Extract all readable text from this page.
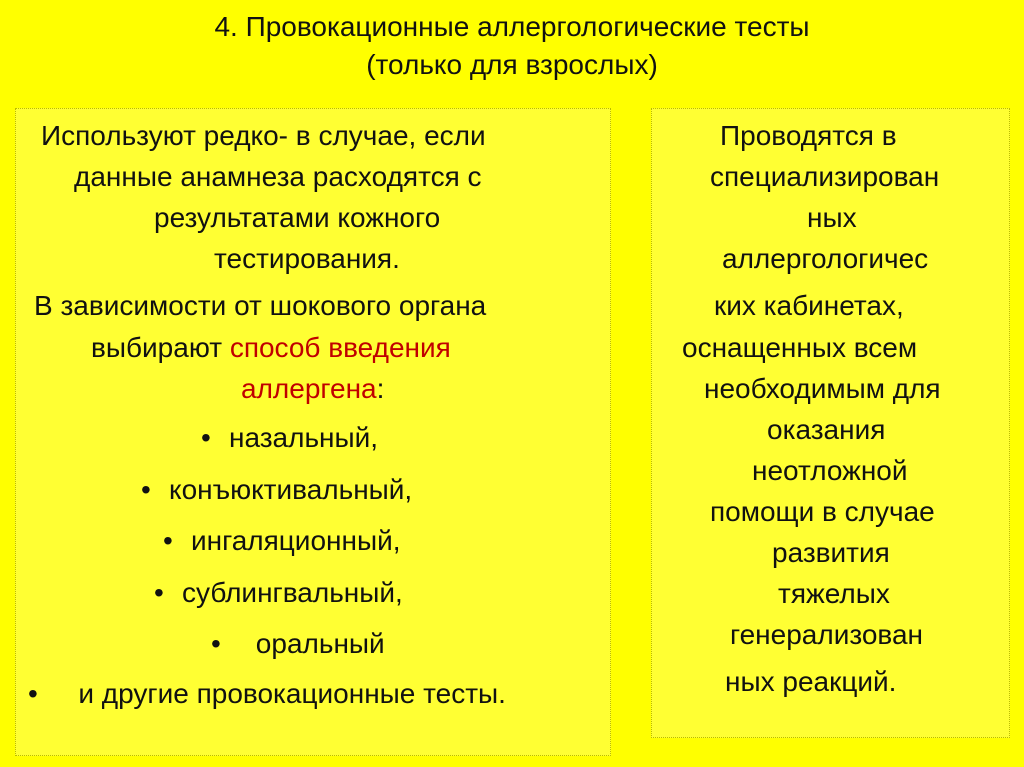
4. Провокационные аллергологические тесты
(только для взрослых)
Используют редко- в случае, если
данные анамнеза расходятся с
результатами кожного
тестирования.
В зависимости от шокового органа
выбирают способ введения
аллергена:
• назальный,
• конъюктивальный,
• ингаляционный,
• сублингвальный,
• оральный
• и другие провокационные тесты.
Проводятся в
специализирован
ных
аллергологичес
ких кабинетах,
оснащенных всем
необходимым для
оказания
неотложной
помощи в случае
развития
тяжелых
генерализован
ных реакций.
